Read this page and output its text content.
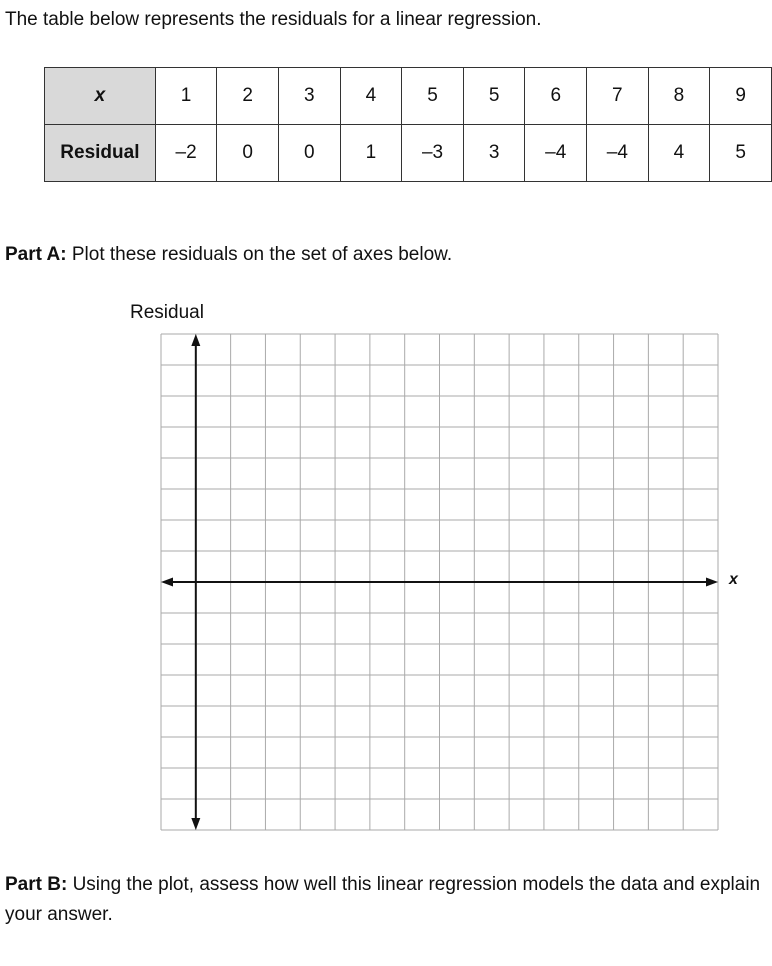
The table below represents the residuals for a linear regression.
x	1	2	3	4	5	5	6	7	8	9
Residual	–2	0	0	1	–3	3	–4	–4	4	5
Part A: Plot these residuals on the set of axes below.
Residual
x
Part B: Using the plot, assess how well this linear regression models the data and explain your answer.
